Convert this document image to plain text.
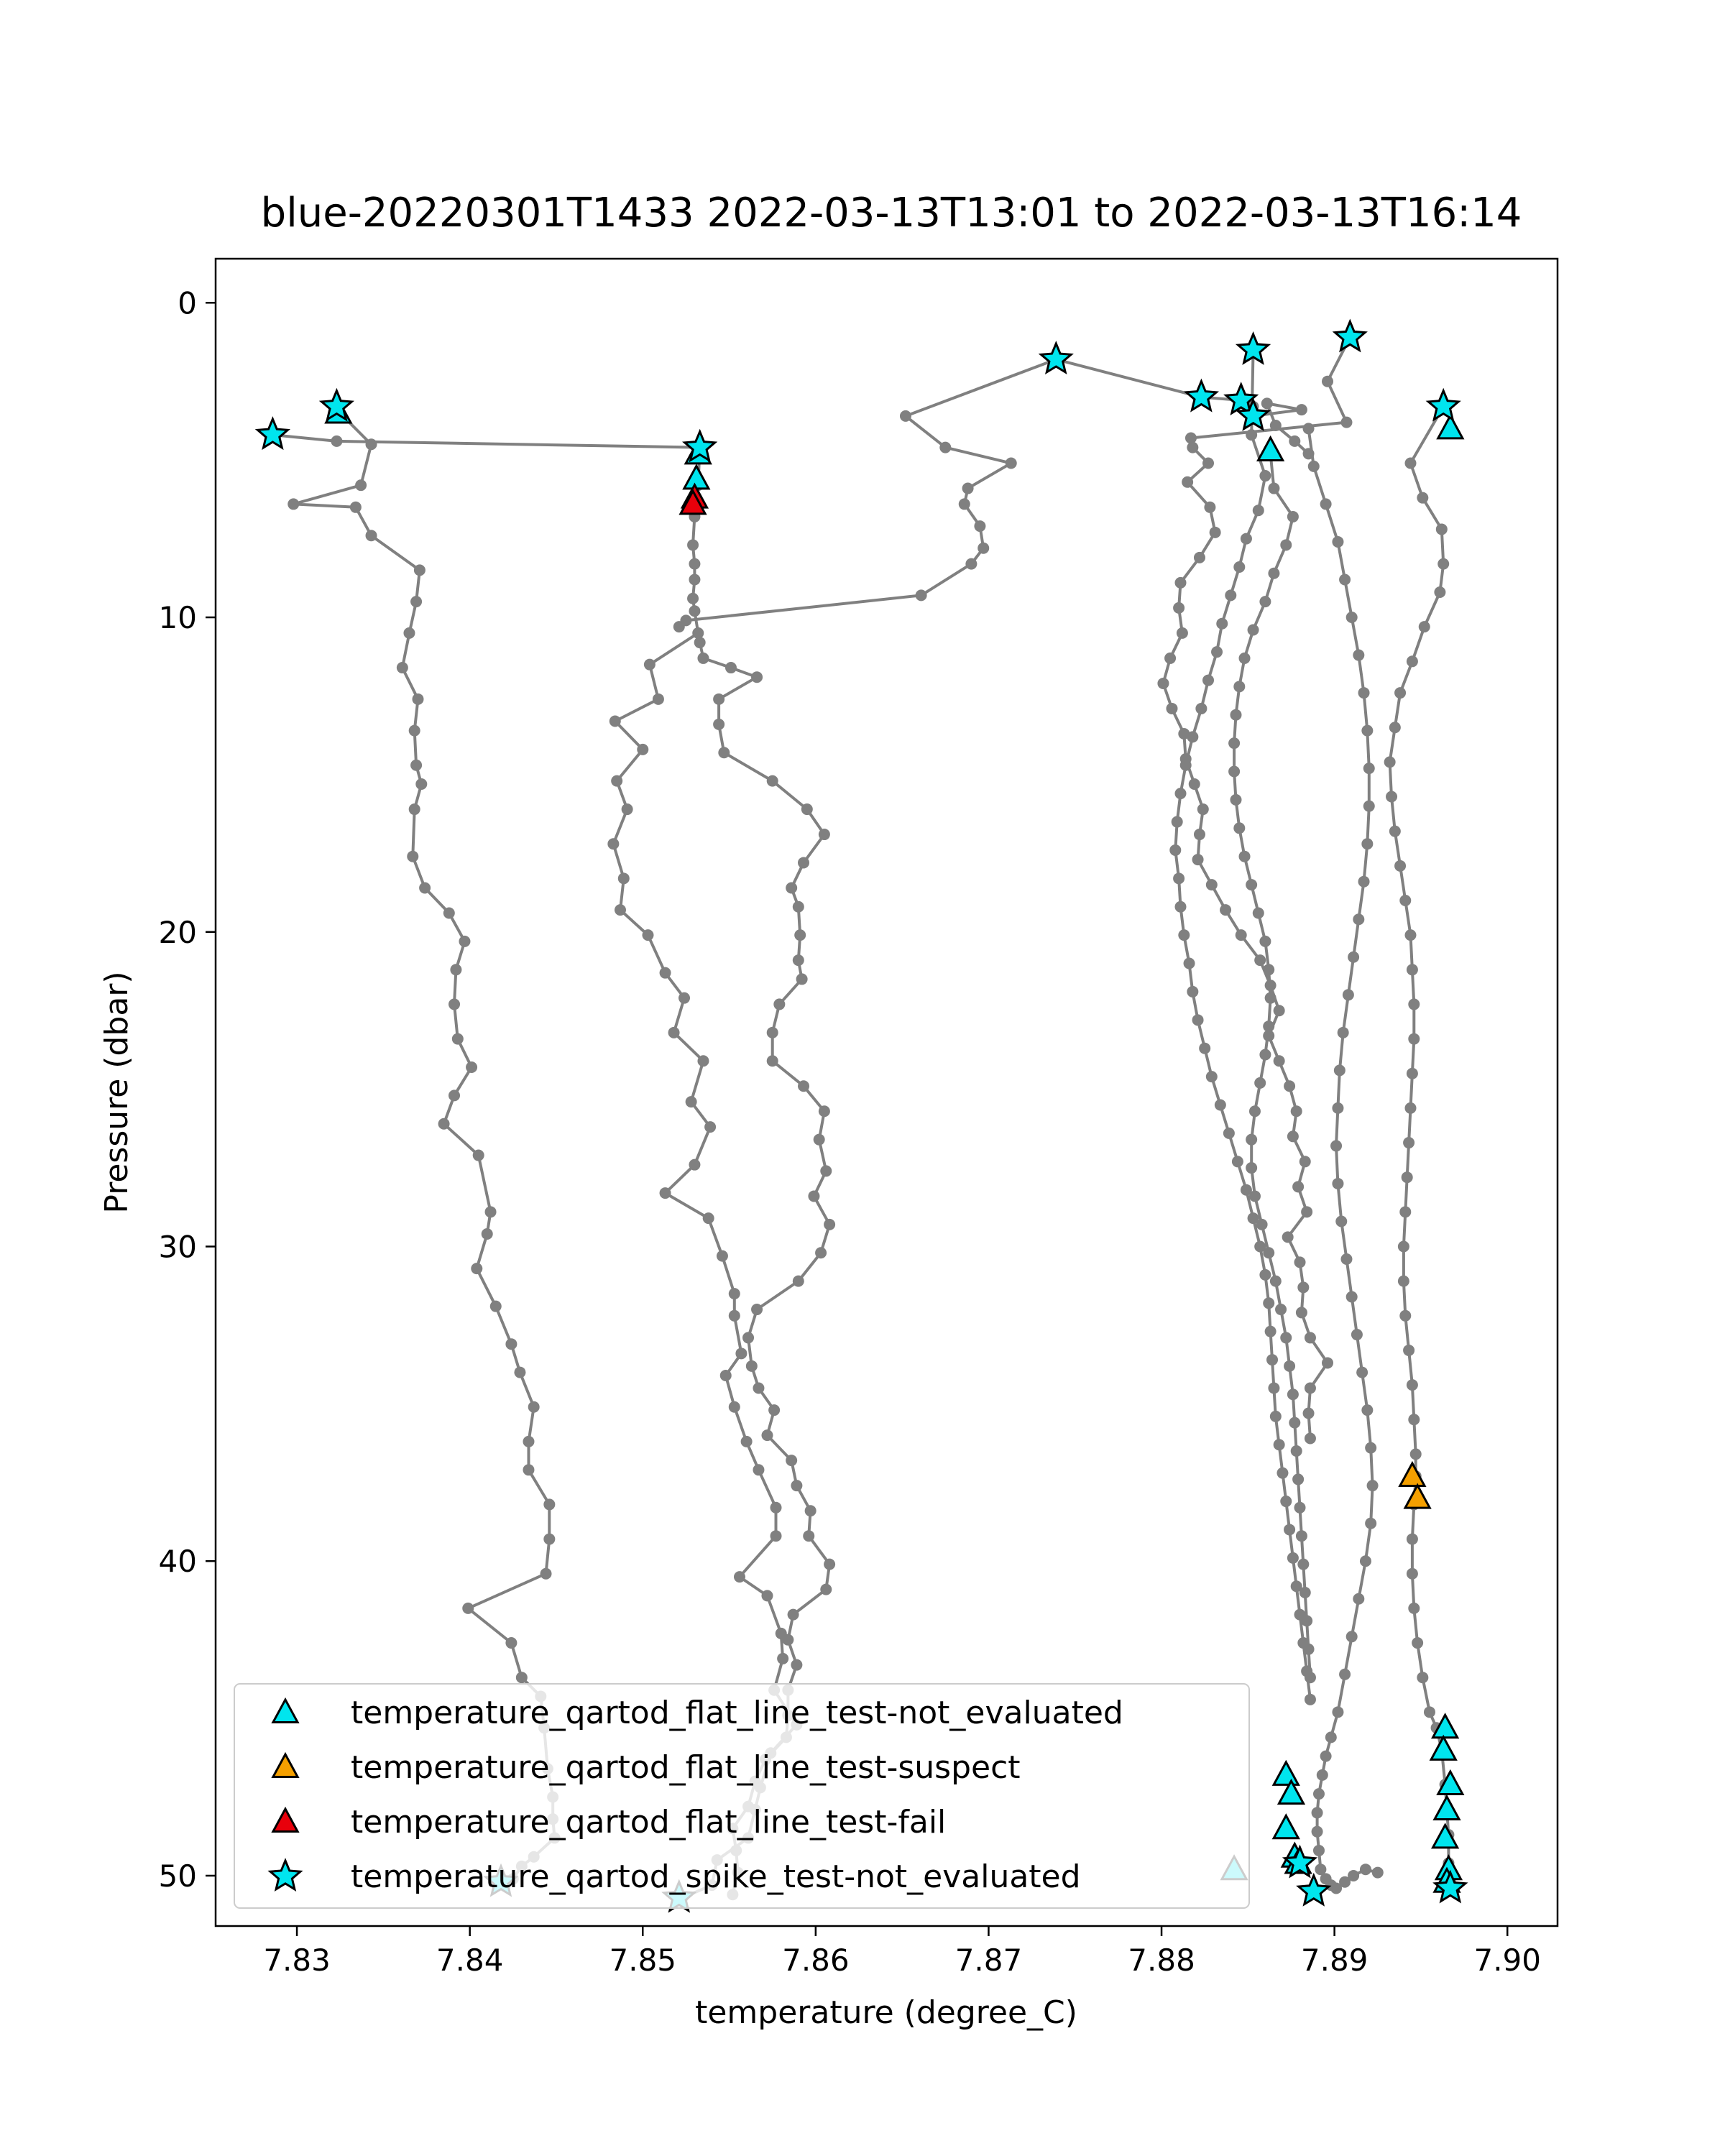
blue-20220301T1433 2022-03-13T13:01 to 2022-03-13T16:14
7.83	7.84	7.85	7.86	7.87	7.88	7.89	7.90
0
10
20
30
40
50
temperature (degree_C)
Pressure (dbar)
temperature_qartod_flat_line_test-not_evaluated
temperature_qartod_flat_line_test-suspect
temperature_qartod_flat_line_test-fail
temperature_qartod_spike_test-not_evaluated
